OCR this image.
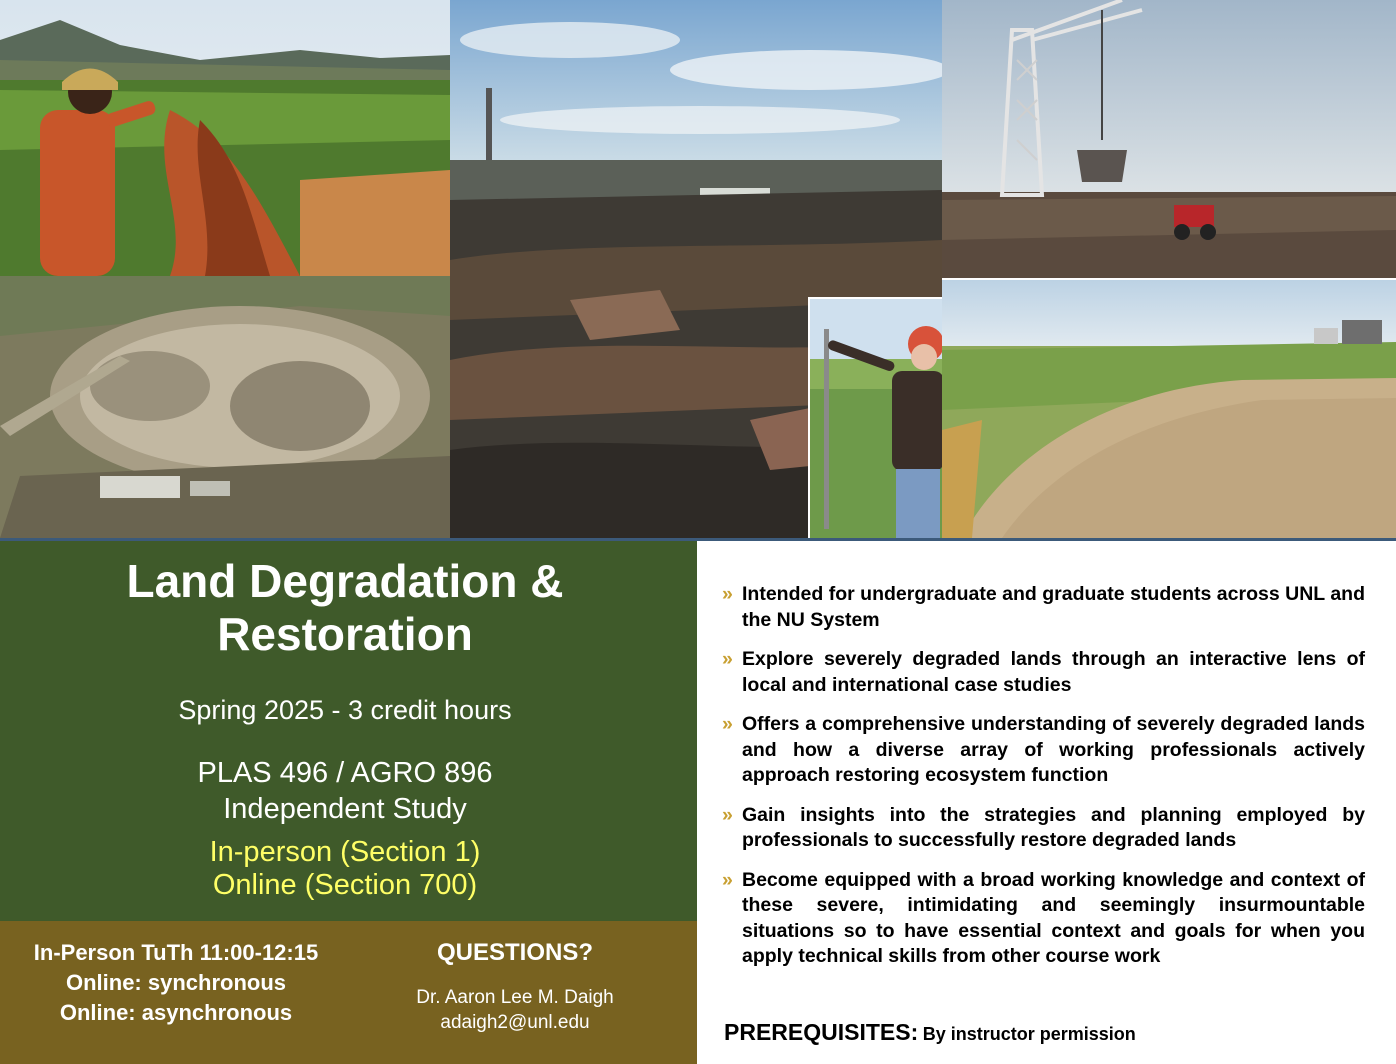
Land Degradation &
Restoration
Spring 2025 - 3 credit hours
PLAS 496 / AGRO 896
Independent Study
In-person (Section 1)
Online (Section 700)
In-Person TuTh 11:00-12:15
Online: synchronous
Online: asynchronous
QUESTIONS?
Dr. Aaron Lee M. Daigh
adaigh2@unl.edu
» Intended for undergraduate and graduate students across UNL and the NU System
» Explore severely degraded lands through an interactive lens of local and international case studies
» Offers a comprehensive understanding of severely degraded lands and how a diverse array of working professionals actively approach restoring ecosystem function
» Gain insights into the strategies and planning employed by professionals to successfully restore degraded lands
» Become equipped with a broad working knowledge and context of these severe, intimidating and seemingly insurmountable situations so to have essential context and goals for when you apply technical skills from other course work
PREREQUISITES: By instructor permission
